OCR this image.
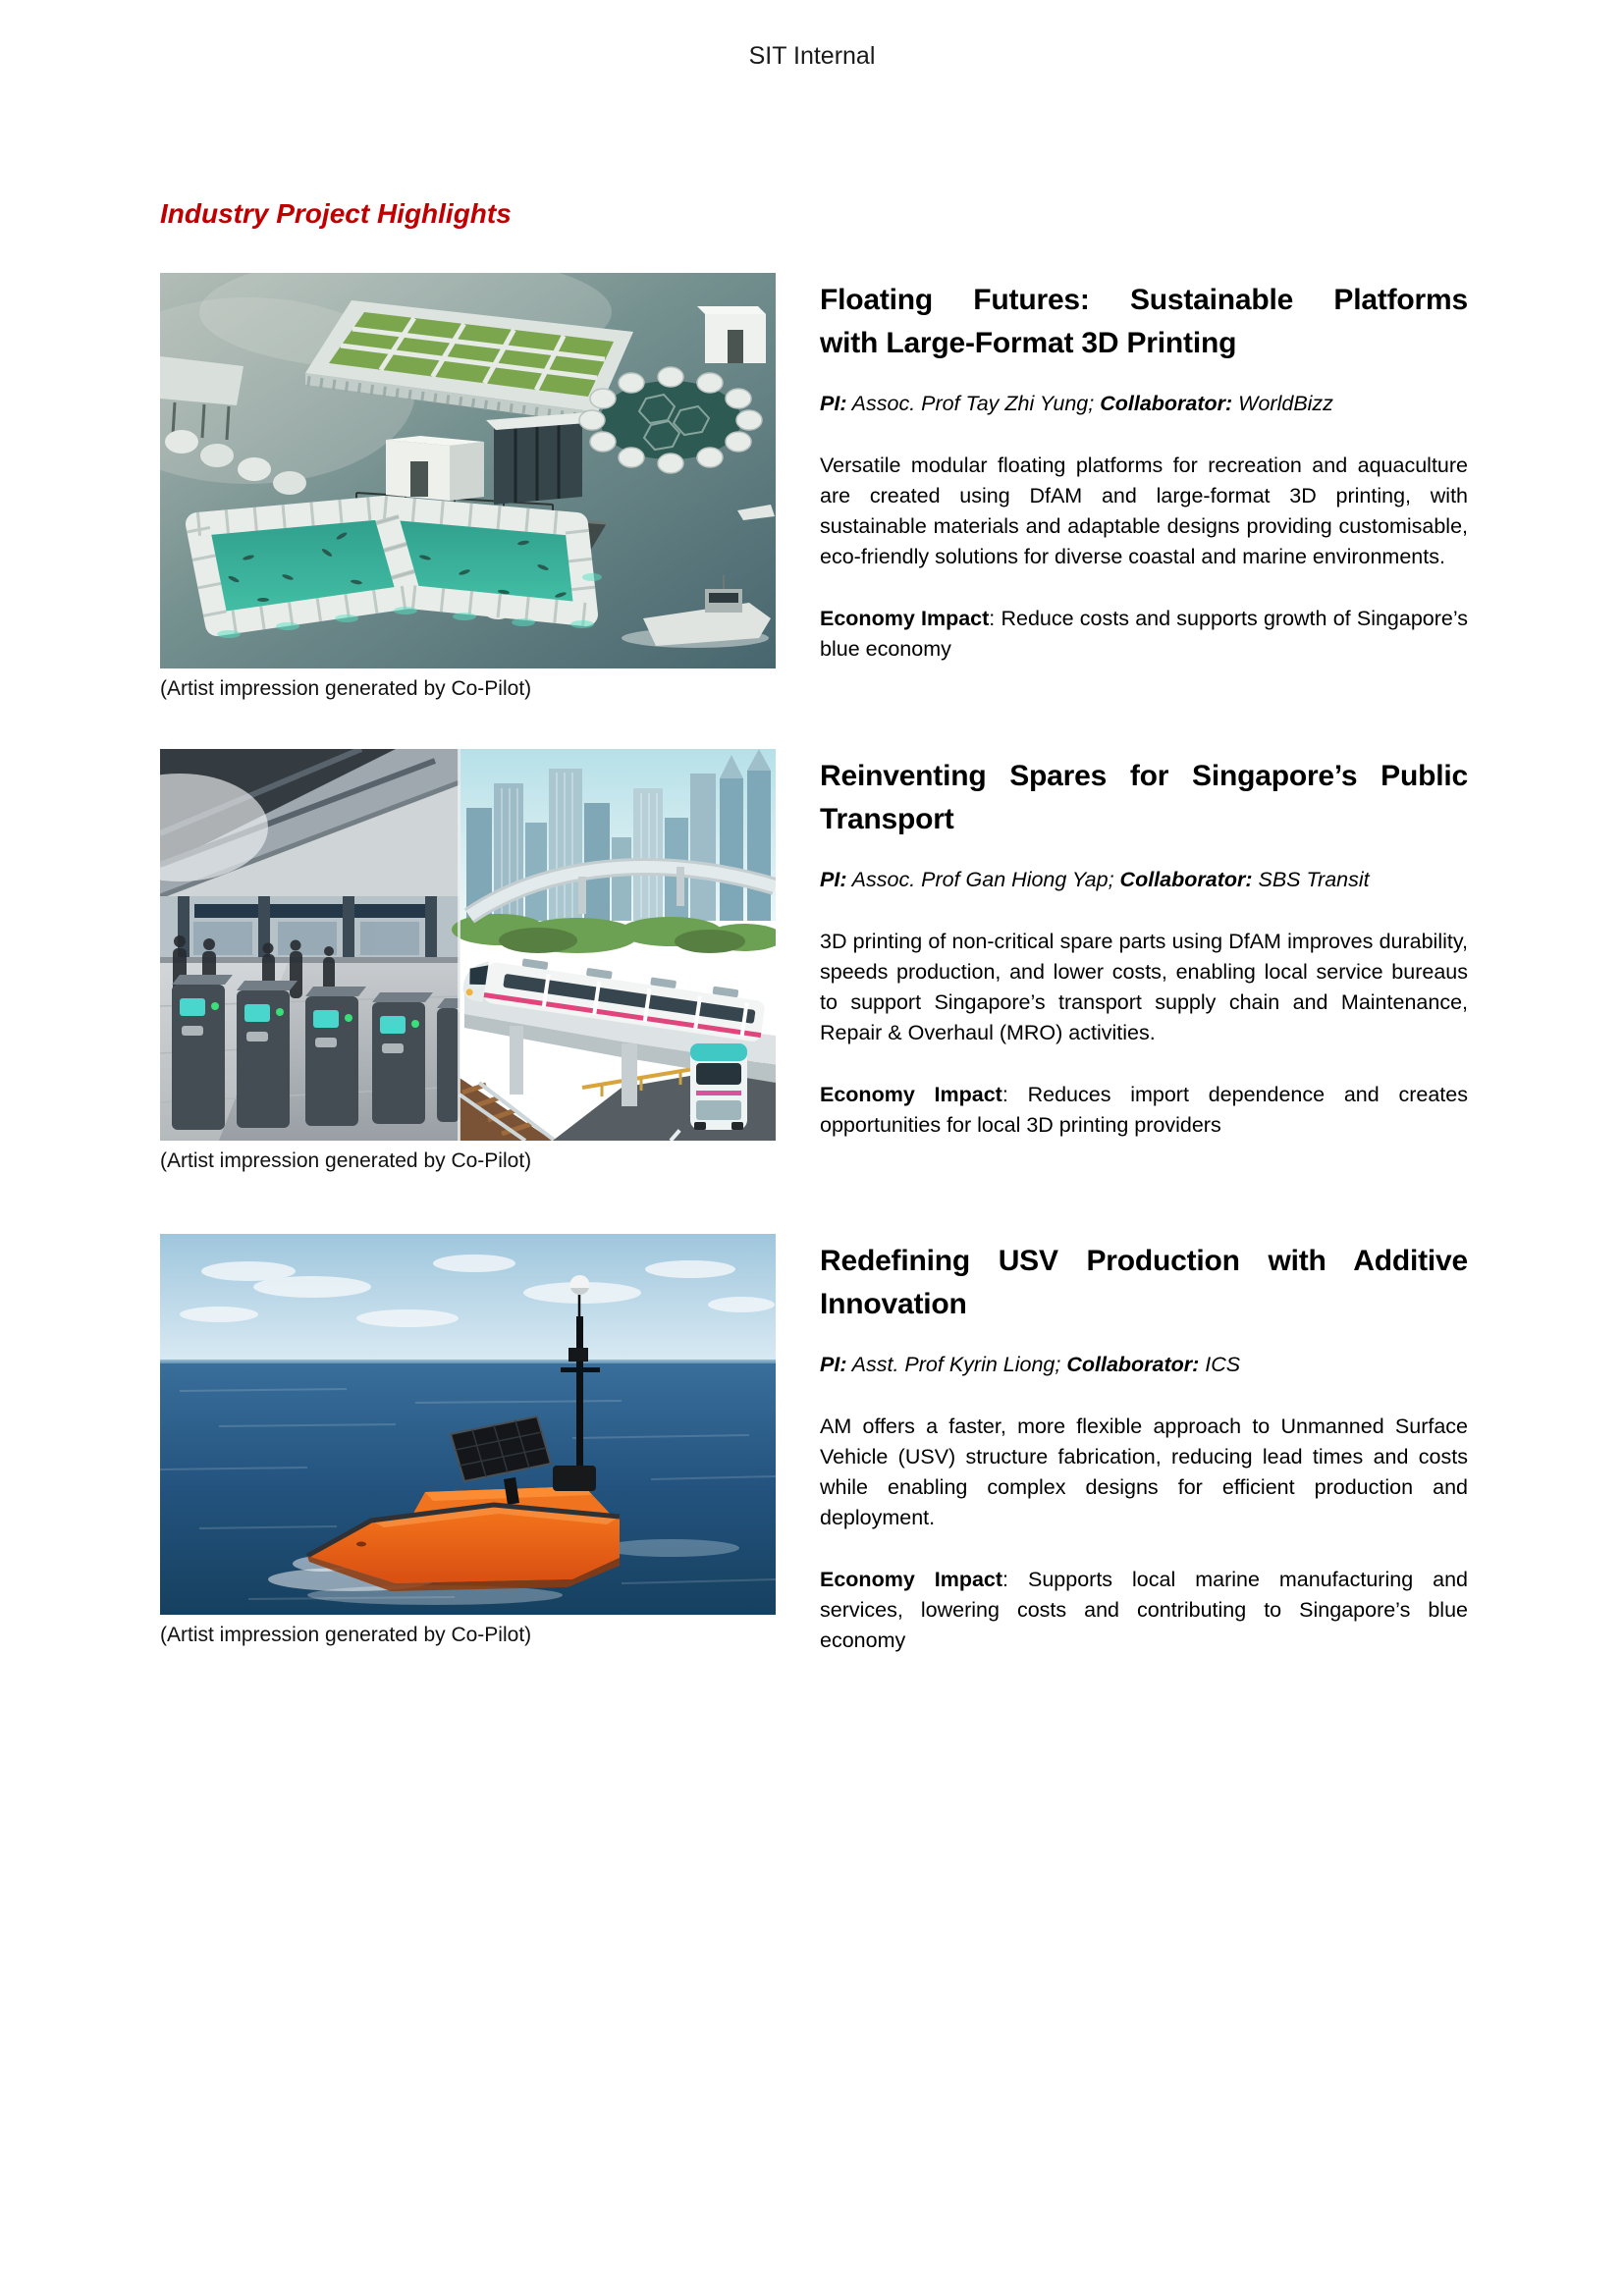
SIT Internal
Industry Project Highlights
(Artist impression generated by Co-Pilot)
Floating Futures: Sustainable Platforms
with Large-Format 3D Printing

PI: Assoc. Prof Tay Zhi Yung; Collaborator: WorldBizz

Versatile modular floating platforms for recreation and aquaculture are created using DfAM and large-format 3D printing, with sustainable materials and adaptable designs providing customisable, eco-friendly solutions for diverse coastal and marine environments.

Economy Impact: Reduce costs and supports growth of Singapore’s blue economy

(Artist impression generated by Co-Pilot)
Reinventing Spares for Singapore’s Public
Transport

PI: Assoc. Prof Gan Hiong Yap; Collaborator: SBS Transit

3D printing of non-critical spare parts using DfAM improves durability, speeds production, and lower costs, enabling local service bureaus to support Singapore’s transport supply chain and Maintenance, Repair & Overhaul (MRO) activities.

Economy Impact: Reduces import dependence and creates opportunities for local 3D printing providers

(Artist impression generated by Co-Pilot)
Redefining USV Production with Additive
Innovation

PI: Asst. Prof Kyrin Liong; Collaborator: ICS

AM offers a faster, more flexible approach to Unmanned Surface Vehicle (USV) structure fabrication, reducing lead times and costs while enabling complex designs for efficient production and deployment.

Economy Impact: Supports local marine manufacturing and services, lowering costs and contributing to Singapore’s blue economy
